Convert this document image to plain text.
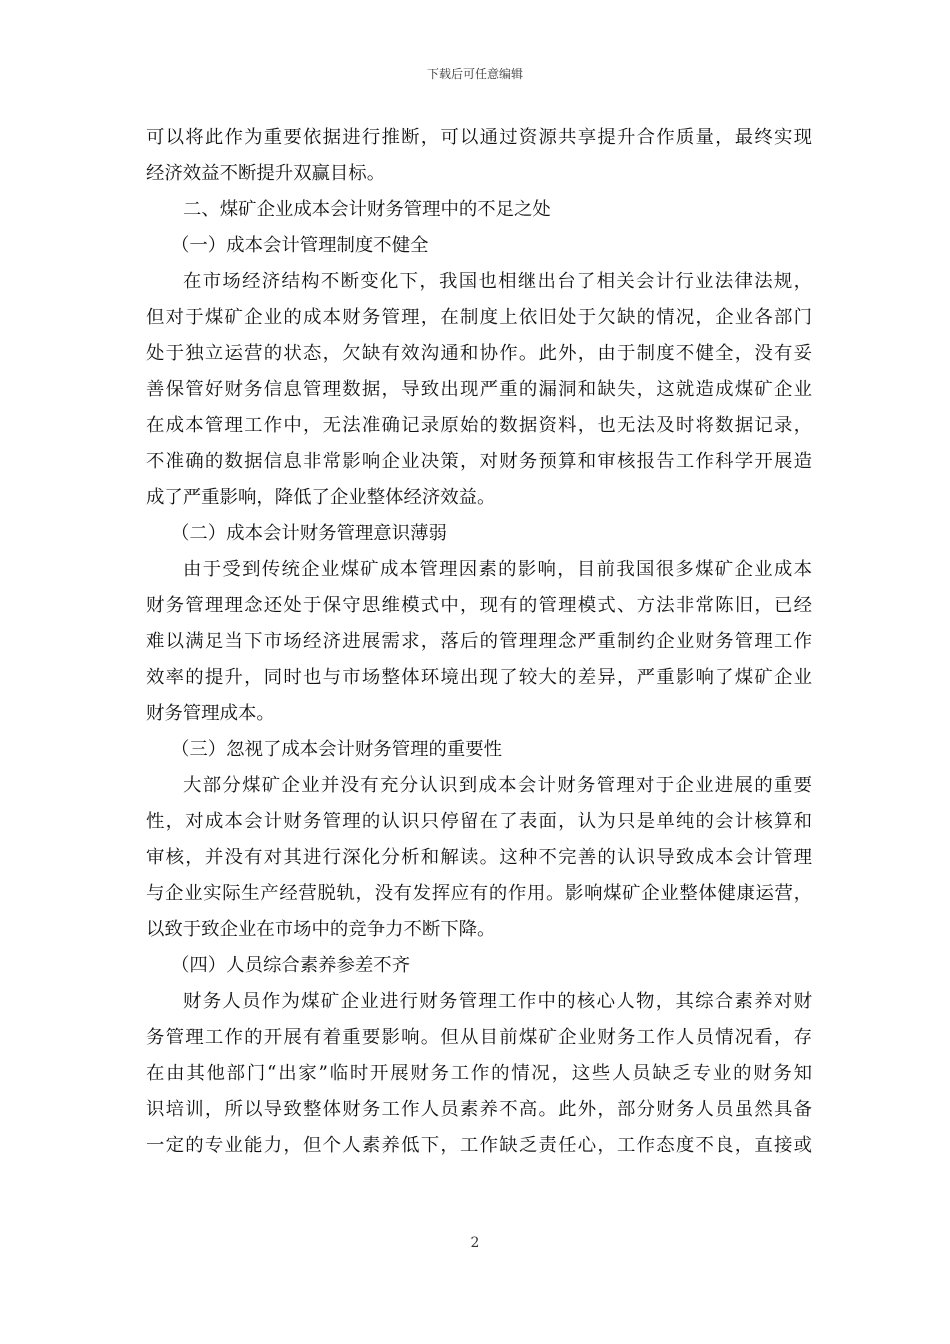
下载后可任意编辑
可以将此作为重要依据进行推断，可以通过资源共享提升合作质量，最终实现
经济效益不断提升双赢目标。
二、煤矿企业成本会计财务管理中的不足之处
（一）成本会计管理制度不健全
在市场经济结构不断变化下，我国也相继出台了相关会计行业法律法规，
但对于煤矿企业的成本财务管理，在制度上依旧处于欠缺的情况，企业各部门
处于独立运营的状态，欠缺有效沟通和协作。此外，由于制度不健全，没有妥
善保管好财务信息管理数据，导致出现严重的漏洞和缺失，这就造成煤矿企业
在成本管理工作中，无法准确记录原始的数据资料，也无法及时将数据记录，
不准确的数据信息非常影响企业决策，对财务预算和审核报告工作科学开展造
成了严重影响，降低了企业整体经济效益。
（二）成本会计财务管理意识薄弱
由于受到传统企业煤矿成本管理因素的影响，目前我国很多煤矿企业成本
财务管理理念还处于保守思维模式中，现有的管理模式、方法非常陈旧，已经
难以满足当下市场经济进展需求，落后的管理理念严重制约企业财务管理工作
效率的提升，同时也与市场整体环境出现了较大的差异，严重影响了煤矿企业
财务管理成本。
（三）忽视了成本会计财务管理的重要性
大部分煤矿企业并没有充分认识到成本会计财务管理对于企业进展的重要
性，对成本会计财务管理的认识只停留在了表面，认为只是单纯的会计核算和
审核，并没有对其进行深化分析和解读。这种不完善的认识导致成本会计管理
与企业实际生产经营脱轨，没有发挥应有的作用。影响煤矿企业整体健康运营，
以致于致企业在市场中的竞争力不断下降。
（四）人员综合素养参差不齐
财务人员作为煤矿企业进行财务管理工作中的核心人物，其综合素养对财
务管理工作的开展有着重要影响。但从目前煤矿企业财务工作人员情况看，存
在由其他部门“出家”临时开展财务工作的情况，这些人员缺乏专业的财务知
识培训，所以导致整体财务工作人员素养不高。此外，部分财务人员虽然具备
一定的专业能力，但个人素养低下，工作缺乏责任心，工作态度不良，直接或
2
